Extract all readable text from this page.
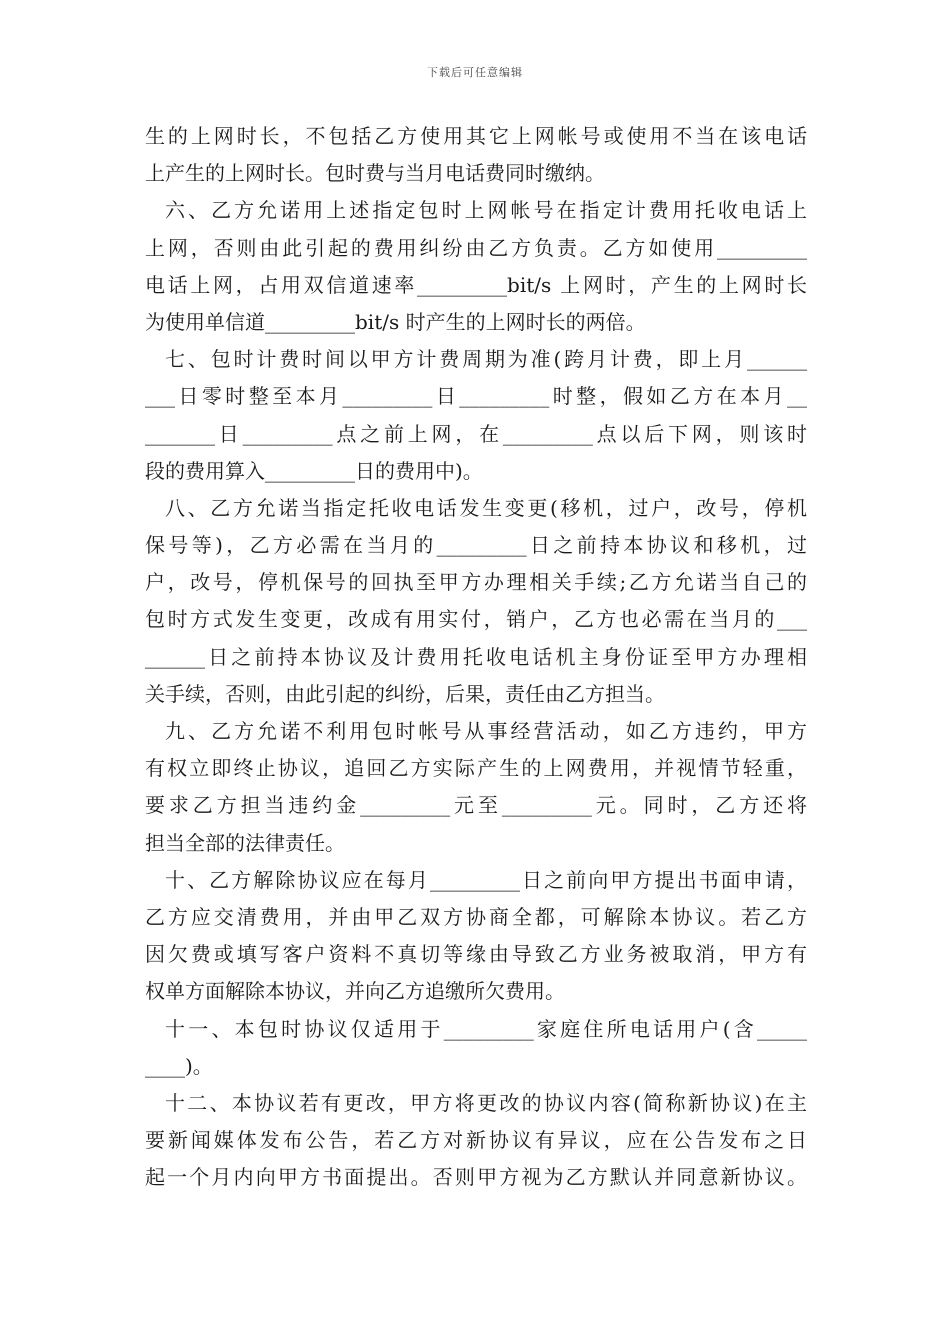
下载后可任意编辑
生的上网时长，不包括乙方使用其它上网帐号或使用不当在该电话
上产生的上网时长。包时费与当月电话费同时缴纳。
六、乙方允诺用上述指定包时上网帐号在指定计费用托收电话上
上网，否则由此引起的费用纠纷由乙方负责。乙方如使用_________
电话上网，占用双信道速率_________bit/s 上网时，产生的上网时长
为使用单信道_________bit/s 时产生的上网时长的两倍。
七、包时计费时间以甲方计费周期为准(跨月计费，即上月______
___日零时整至本月_________日_________时整，假如乙方在本月__
_______日_________点之前上网，在_________点以后下网，则该时
段的费用算入_________日的费用中)。
八、乙方允诺当指定托收电话发生变更(移机，过户，改号，停机
保号等)，乙方必需在当月的_________日之前持本协议和移机，过
户，改号，停机保号的回执至甲方办理相关手续;乙方允诺当自己的
包时方式发生变更，改成有用实付，销户，乙方也必需在当月的___
______日之前持本协议及计费用托收电话机主身份证至甲方办理相
关手续，否则，由此引起的纠纷，后果，责任由乙方担当。
九、乙方允诺不利用包时帐号从事经营活动，如乙方违约，甲方
有权立即终止协议，追回乙方实际产生的上网费用，并视情节轻重，
要求乙方担当违约金_________元至_________元。同时，乙方还将
担当全部的法律责任。
十、乙方解除协议应在每月_________日之前向甲方提出书面申请，
乙方应交清费用，并由甲乙双方协商全都，可解除本协议。若乙方
因欠费或填写客户资料不真切等缘由导致乙方业务被取消，甲方有
权单方面解除本协议，并向乙方追缴所欠费用。
十一、本包时协议仅适用于_________家庭住所电话用户(含_____
____)。
十二、本协议若有更改，甲方将更改的协议内容(简称新协议)在主
要新闻媒体发布公告，若乙方对新协议有异议，应在公告发布之日
起一个月内向甲方书面提出。否则甲方视为乙方默认并同意新协议。
